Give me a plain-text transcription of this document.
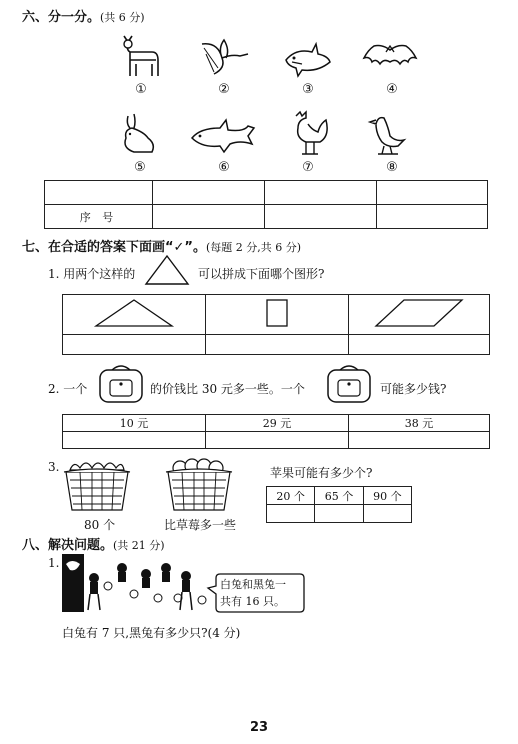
六、分一分。(共 6 分)
①	②	③	④
⑤	⑥	⑦	⑧

序 号			
七、在合适的答案下面画“✓”。(每题 2 分,共 6 分)
1. 用两个这样的	可以拼成下面哪个图形?

2. 一个	的价钱比 30 元多一些。一个	可能多少钱?
10 元	29 元	38 元

3.
80 个	比草莓多一些
苹果可能有多少个?
20 个	65 个	90 个

八、解决问题。(共 21 分)
1.
白兔和黑兔一
共有 16 只。
白兔有 7 只,黑兔有多少只?(4 分)
23
